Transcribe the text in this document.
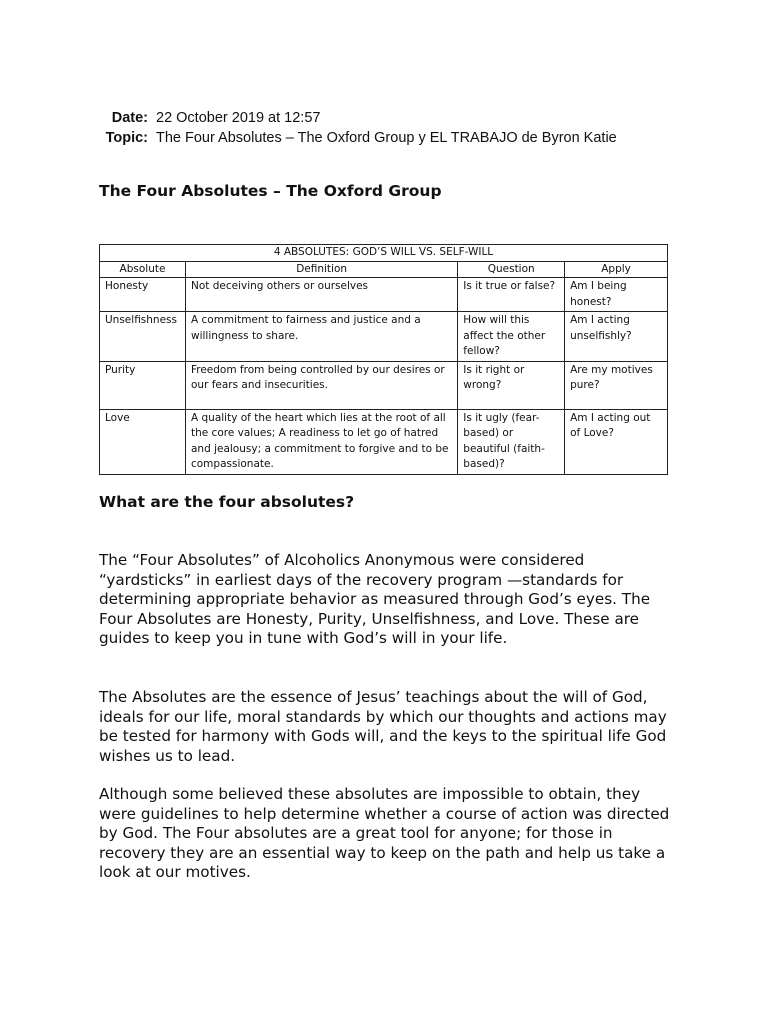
Date: 22 October 2019 at 12:57
Topic: The Four Absolutes – The Oxford Group y EL TRABAJO de Byron Katie
The Four Absolutes – The Oxford Group
4 ABSOLUTES: GOD’S WILL VS. SELF-WILL			
Absolute	Definition	Question	Apply
Honesty	Not deceiving others or ourselves	Is it true or false?	Am I being honest?
Unselfishness	A commitment to fairness and justice and a willingness to share.	How will this affect the other fellow?	Am I acting unselfishly?
Purity	Freedom from being controlled by our desires or our fears and insecurities.	Is it right or wrong?	Are my motives pure?
Love	A quality of the heart which lies at the root of all the core values; A readiness to let go of hatred and jealousy; a commitment to forgive and to be compassionate.	Is it ugly (fear-based) or beautiful (faith-based)?	Am I acting out of Love?
What are the four absolutes?

The “Four Absolutes” of Alcoholics Anonymous were considered “yardsticks” in earliest days of the recovery program —standards for determining appropriate behavior as measured through God’s eyes. The Four Absolutes are Honesty, Purity, Unselfishness, and Love. These are guides to keep you in tune with God’s will in your life.

The Absolutes are the essence of Jesus’ teachings about the will of God, ideals for our life, moral standards by which our thoughts and actions may be tested for harmony with Gods will, and the keys to the spiritual life God wishes us to lead.

Although some believed these absolutes are impossible to obtain, they were guidelines to help determine whether a course of action was directed by God. The Four absolutes are a great tool for anyone; for those in recovery they are an essential way to keep on the path and help us take a look at our motives.
